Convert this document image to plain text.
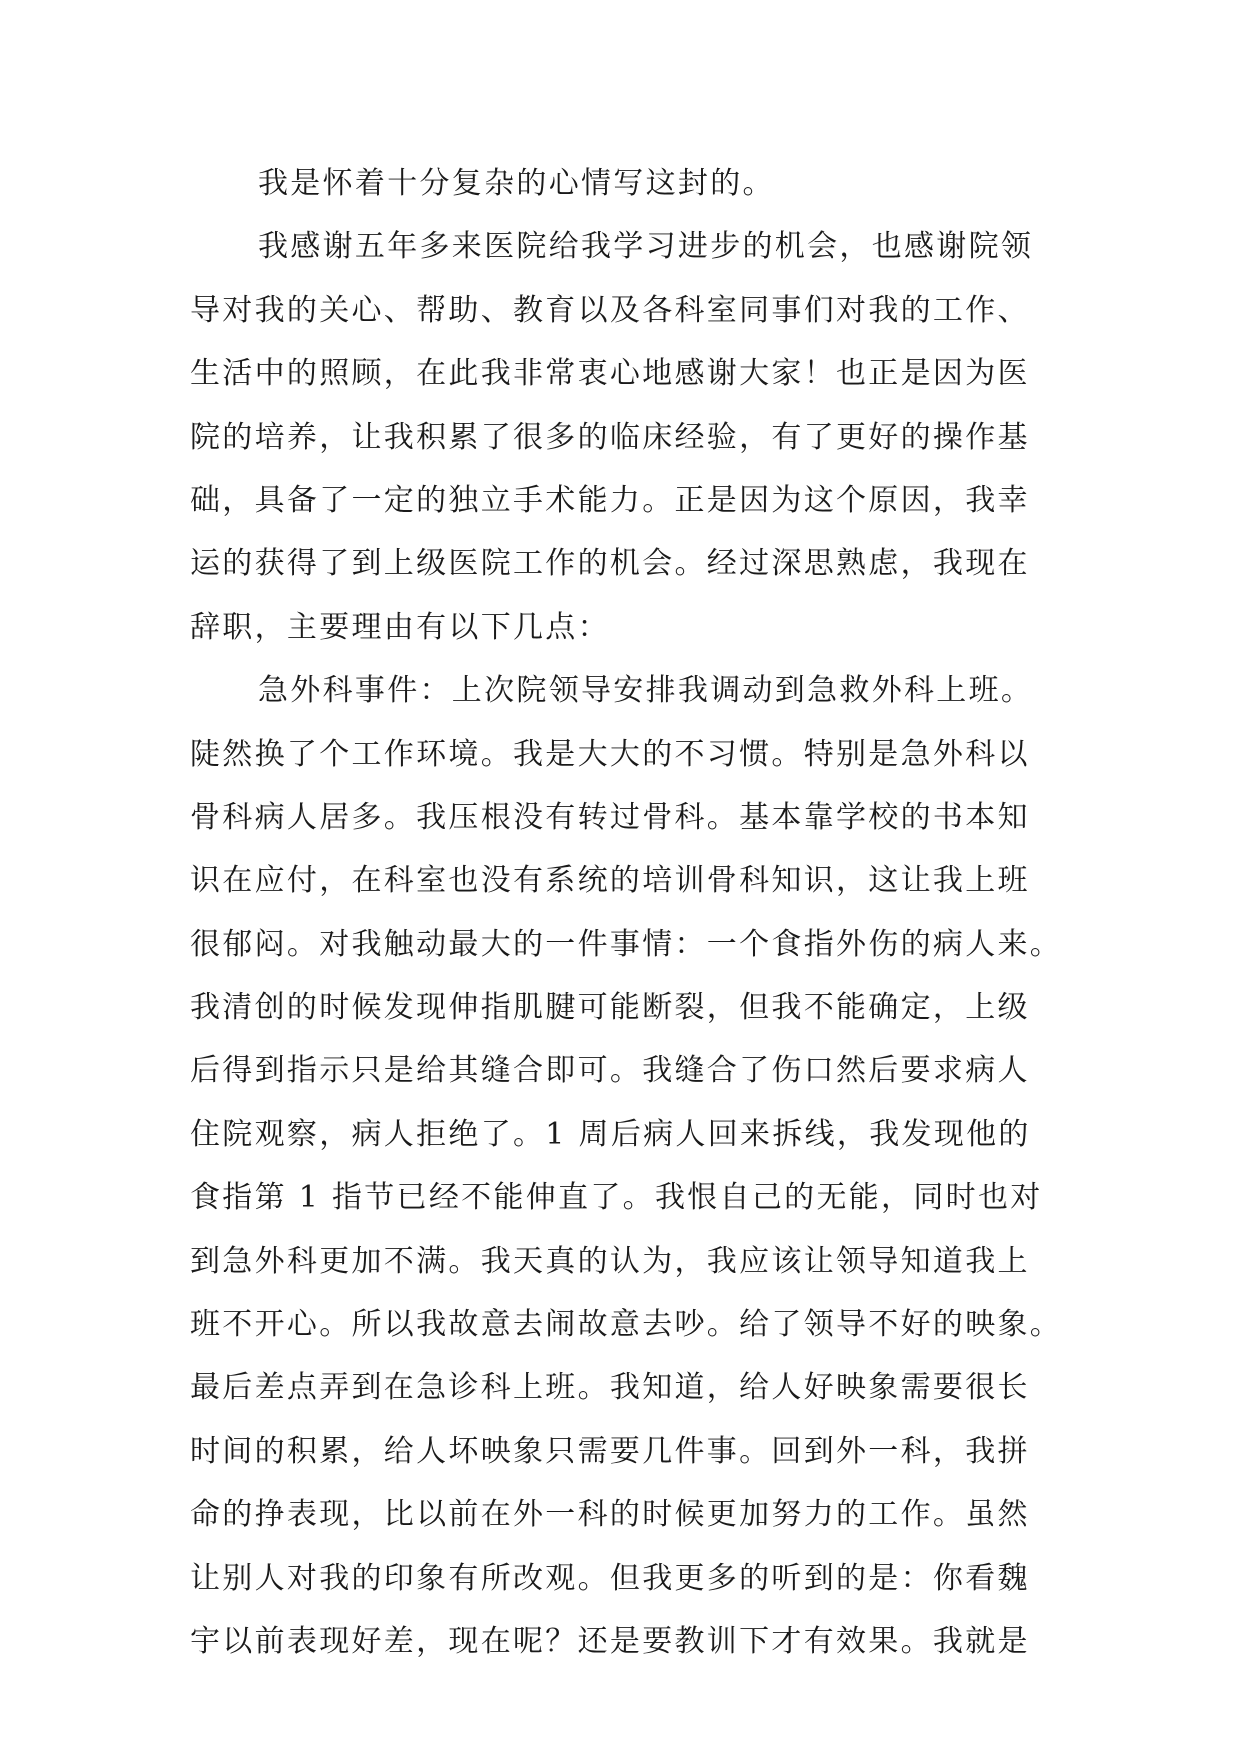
我是怀着十分复杂的心情写这封的。
我感谢五年多来医院给我学习进步的机会，也感谢院领
导对我的关心、帮助、教育以及各科室同事们对我的工作、
生活中的照顾，在此我非常衷心地感谢大家！也正是因为医
院的培养，让我积累了很多的临床经验，有了更好的操作基
础，具备了一定的独立手术能力。正是因为这个原因，我幸
运的获得了到上级医院工作的机会。经过深思熟虑，我现在
辞职，主要理由有以下几点：
急外科事件：上次院领导安排我调动到急救外科上班。
陡然换了个工作环境。我是大大的不习惯。特别是急外科以
骨科病人居多。我压根没有转过骨科。基本靠学校的书本知
识在应付，在科室也没有系统的培训骨科知识，这让我上班
很郁闷。对我触动最大的一件事情：一个食指外伤的病人来。
我清创的时候发现伸指肌腱可能断裂，但我不能确定，上级
后得到指示只是给其缝合即可。我缝合了伤口然后要求病人
住院观察，病人拒绝了。1 周后病人回来拆线，我发现他的
食指第 1 指节已经不能伸直了。我恨自己的无能，同时也对
到急外科更加不满。我天真的认为，我应该让领导知道我上
班不开心。所以我故意去闹故意去吵。给了领导不好的映象。
最后差点弄到在急诊科上班。我知道，给人好映象需要很长
时间的积累，给人坏映象只需要几件事。回到外一科，我拼
命的挣表现，比以前在外一科的时候更加努力的工作。虽然
让别人对我的印象有所改观。但我更多的听到的是：你看魏
宇以前表现好差，现在呢？还是要教训下才有效果。我就是
